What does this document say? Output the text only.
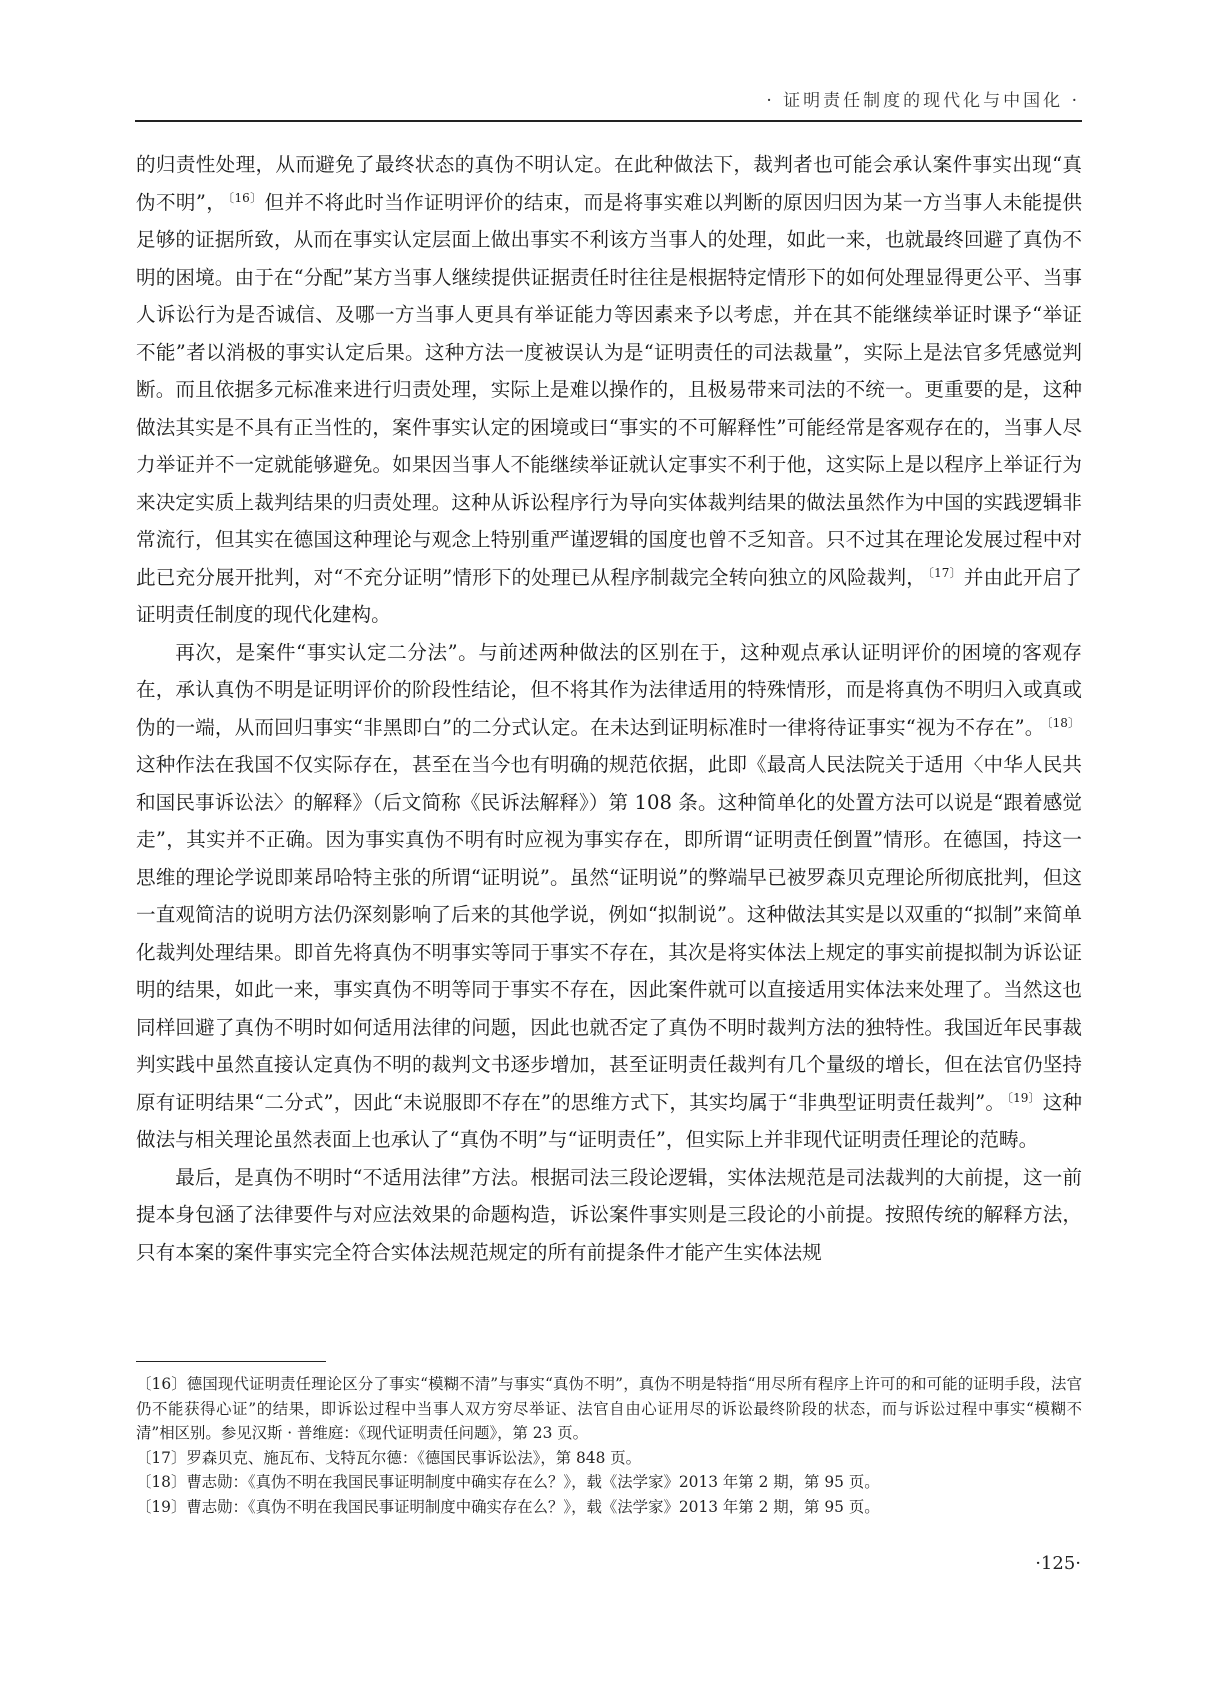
· 证明责任制度的现代化与中国化 ·

的归责性处理，从而避免了最终状态的真伪不明认定。在此种做法下，裁判者也可能会承认案件事实出现“真伪不明”， $^{〔16〕}$ 但并不将此时当作证明评价的结束，而是将事实难以判断的原因归因为某一方当事人未能提供足够的证据所致，从而在事实认定层面上做出事实不利该方当事人的处理，如此一来，也就最终回避了真伪不明的困境。由于在“分配”某方当事人继续提供证据责任时往往是根据特定情形下的如何处理显得更公平、当事人诉讼行为是否诚信、及哪一方当事人更具有举证能力等因素来予以考虑，并在其不能继续举证时课予“举证不能”者以消极的事实认定后果。这种方法一度被误认为是“证明责任的司法裁量”，实际上是法官多凭感觉判断。而且依据多元标准来进行归责处理，实际上是难以操作的，且极易带来司法的不统一。更重要的是，这种做法其实是不具有正当性的，案件事实认定的困境或曰“事实的不可解释性”可能经常是客观存在的，当事人尽力举证并不一定就能够避免。如果因当事人不能继续举证就认定事实不利于他，这实际上是以程序上举证行为来决定实质上裁判结果的归责处理。这种从诉讼程序行为导向实体裁判结果的做法虽然作为中国的实践逻辑非常流行，但其实在德国这种理论与观念上特别重严谨逻辑的国度也曾不乏知音。只不过其在理论发展过程中对此已充分展开批判，对“不充分证明”情形下的处理已从程序制裁完全转向独立的风险裁判， $^{〔17〕}$ 并由此开启了证明责任制度的现代化建构。

再次，是案件“事实认定二分法”。与前述两种做法的区别在于，这种观点承认证明评价的困境的客观存在，承认真伪不明是证明评价的阶段性结论，但不将其作为法律适用的特殊情形，而是将真伪不明归入或真或伪的一端，从而回归事实“非黑即白”的二分式认定。在未达到证明标准时一律将待证事实“视为不存在”。 $^{〔18〕}$这种作法在我国不仅实际存在，甚至在当今也有明确的规范依据，此即《最高人民法院关于适用〈中华人民共和国民事诉讼法〉的解释》（后文简称《民诉法解释》）第 108 条。这种简单化的处置方法可以说是“跟着感觉走”，其实并不正确。因为事实真伪不明有时应视为事实存在，即所谓“证明责任倒置”情形。在德国，持这一思维的理论学说即莱昂哈特主张的所谓“证明说”。虽然“证明说”的弊端早已被罗森贝克理论所彻底批判，但这一直观简洁的说明方法仍深刻影响了后来的其他学说，例如“拟制说”。这种做法其实是以双重的“拟制”来简单化裁判处理结果。即首先将真伪不明事实等同于事实不存在，其次是将实体法上规定的事实前提拟制为诉讼证明的结果，如此一来，事实真伪不明等同于事实不存在，因此案件就可以直接适用实体法来处理了。当然这也同样回避了真伪不明时如何适用法律的问题，因此也就否定了真伪不明时裁判方法的独特性。我国近年民事裁判实践中虽然直接认定真伪不明的裁判文书逐步增加，甚至证明责任裁判有几个量级的增长，但在法官仍坚持原有证明结果“二分式”，因此“未说服即不存在”的思维方式下，其实均属于“非典型证明责任裁判”。 $^{〔19〕}$ 这种做法与相关理论虽然表面上也承认了“真伪不明”与“证明责任”，但实际上并非现代证明责任理论的范畴。

最后，是真伪不明时“不适用法律”方法。根据司法三段论逻辑，实体法规范是司法裁判的大前提，这一前提本身包涵了法律要件与对应法效果的命题构造，诉讼案件事实则是三段论的小前提。按照传统的解释方法，只有本案的案件事实完全符合实体法规范规定的所有前提条件才能产生实体法规

〔16〕德国现代证明责任理论区分了事实“模糊不清”与事实“真伪不明”，真伪不明是特指“用尽所有程序上许可的和可能的证明手段，法官仍不能获得心证”的结果，即诉讼过程中当事人双方穷尽举证、法官自由心证用尽的诉讼最终阶段的状态，而与诉讼过程中事实“模糊不清”相区别。参见汉斯 · 普维庭：《现代证明责任问题》，第 23 页。

〔17〕罗森贝克、施瓦布、戈特瓦尔德：《德国民事诉讼法》，第 848 页。

〔18〕曹志勋：《真伪不明在我国民事证明制度中确实存在么？》，载《法学家》2013 年第 2 期，第 95 页。

〔19〕曹志勋：《真伪不明在我国民事证明制度中确实存在么？》，载《法学家》2013 年第 2 期，第 95 页。

·125·
